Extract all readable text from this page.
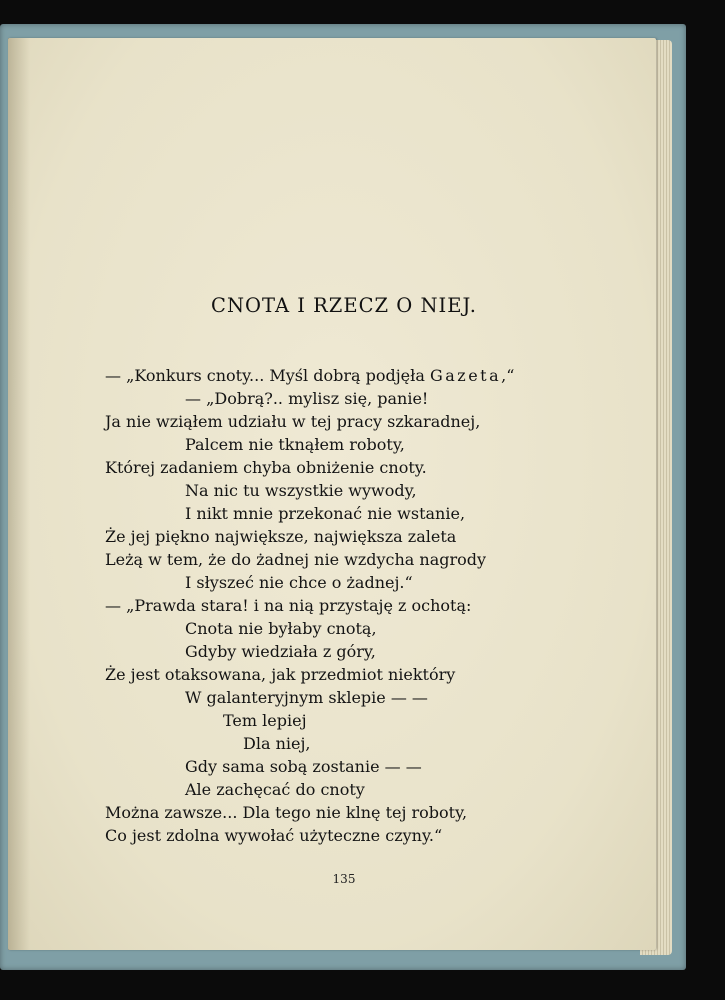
CNOTA I RZECZ O NIEJ.
— „Konkurs cnoty... Myśl dobrą podjęła Gazeta,“
— „Dobrą?.. mylisz się, panie!
Ja nie wziąłem udziału w tej pracy szkaradnej,
Palcem nie tknąłem roboty,
Której zadaniem chyba obniżenie cnoty.
Na nic tu wszystkie wywody,
I nikt mnie przekonać nie wstanie,
Że jej piękno największe, największa zaleta
Leżą w tem, że do żadnej nie wzdycha nagrody
I słyszeć nie chce o żadnej.“
— „Prawda stara! i na nią przystaję z ochotą:
Cnota nie byłaby cnotą,
Gdyby wiedziała z góry,
Że jest otaksowana, jak przedmiot niektóry
W galanteryjnym sklepie — —
Tem lepiej
Dla niej,
Gdy sama sobą zostanie — —
Ale zachęcać do cnoty
Można zawsze... Dla tego nie klnę tej roboty,
Co jest zdolna wywołać użyteczne czyny.“
135
